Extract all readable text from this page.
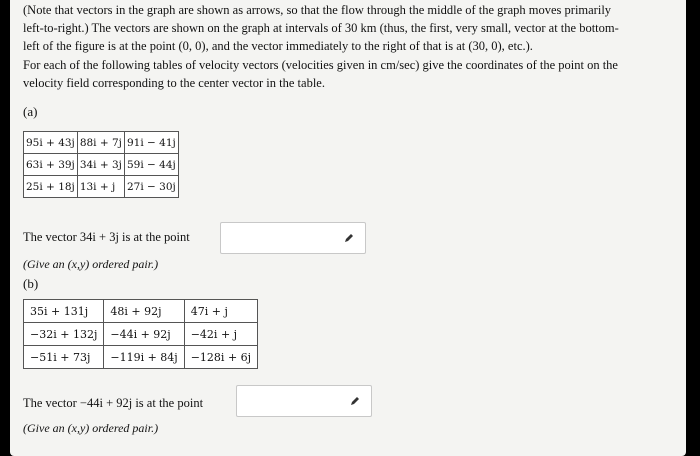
(Note that vectors in the graph are shown as arrows, so that the flow through the middle of the graph moves primarily
left-to-right.) The vectors are shown on the graph at intervals of 30 km (thus, the first, very small, vector at the bottom-
left of the figure is at the point (0, 0), and the vector immediately to the right of that is at (30, 0), etc.).
For each of the following tables of velocity vectors (velocities given in cm/sec) give the coordinates of the point on the
velocity field corresponding to the center vector in the table.
(a)
95i + 43j	88i + 7j	91i − 41j
63i + 39j	34i + 3j	59i − 44j
25i + 18j	13i + j	27i − 30j
The vector 34i + 3j is at the point
(Give an (x,y) ordered pair.)
(b)
35i + 131j	48i + 92j	47i + j
−32i + 132j	−44i + 92j	−42i + j
−51i + 73j	−119i + 84j	−128i + 6j
The vector −44i + 92j is at the point
(Give an (x,y) ordered pair.)
